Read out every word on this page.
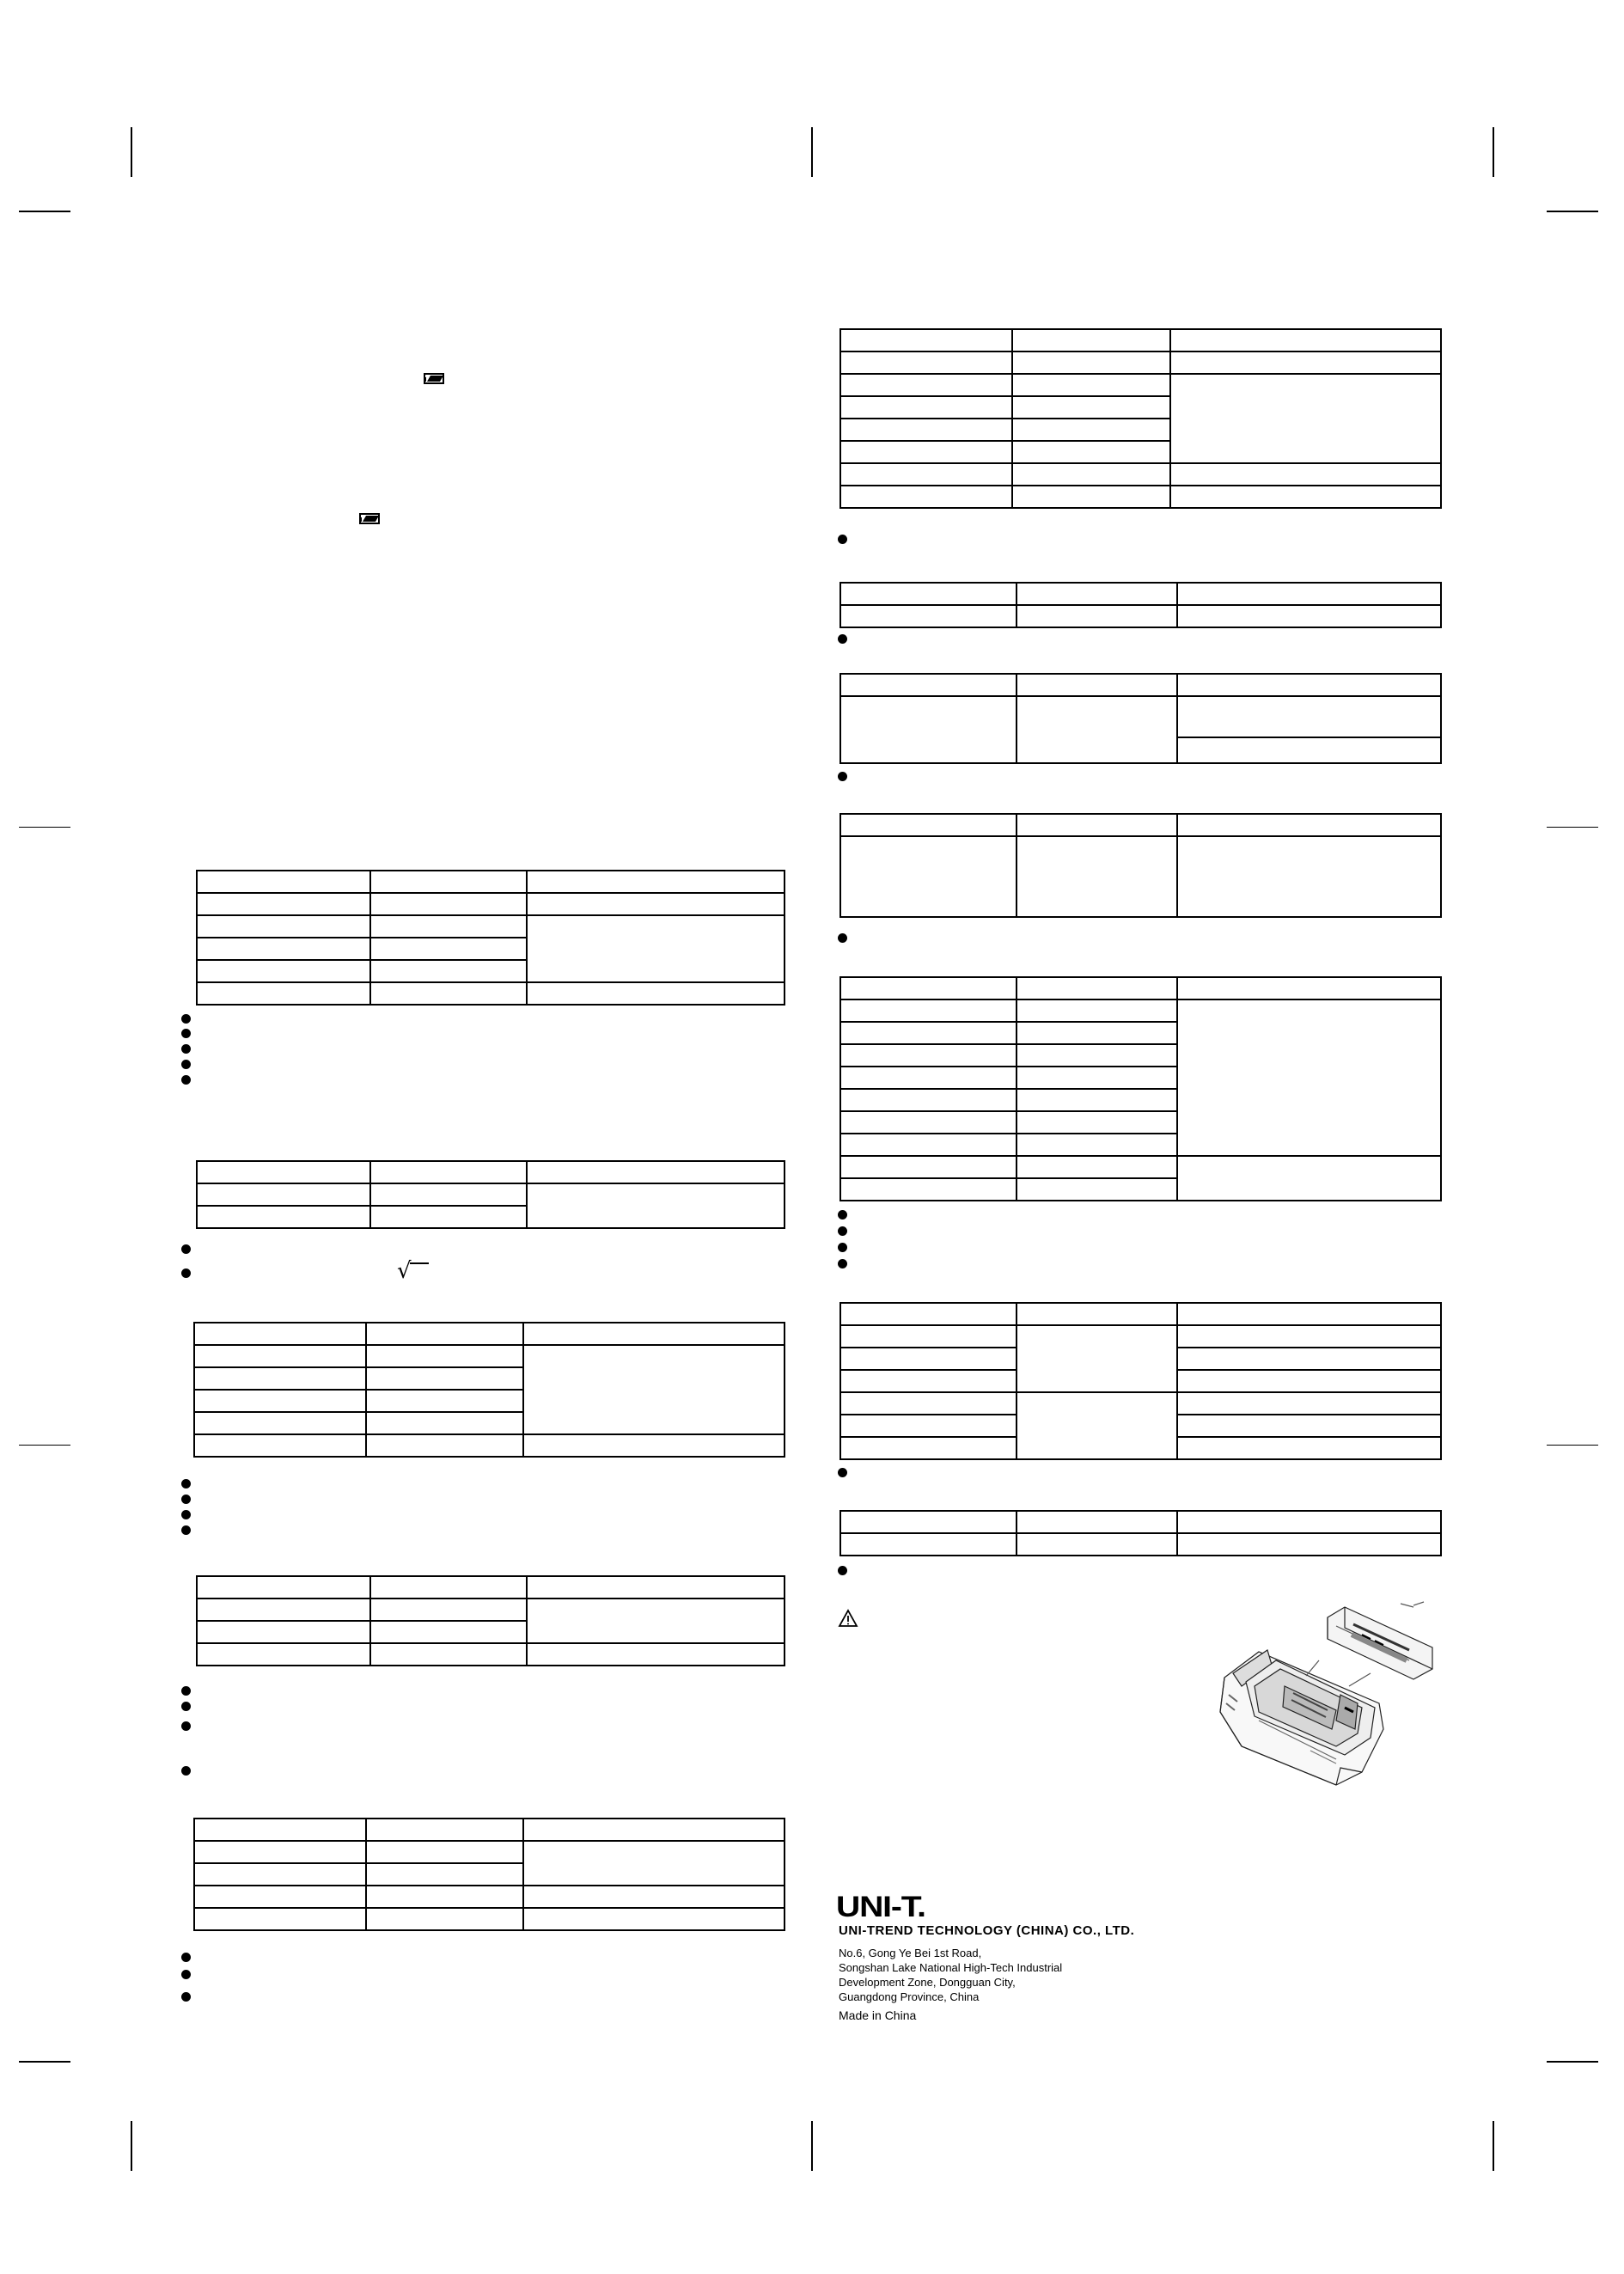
√

UNI-T.
UNI-TREND TECHNOLOGY (CHINA) CO., LTD.
No.6, Gong Ye Bei 1st Road,
Songshan Lake National High-Tech Industrial
Development Zone, Dongguan City,
Guangdong Province, China
Made in China
